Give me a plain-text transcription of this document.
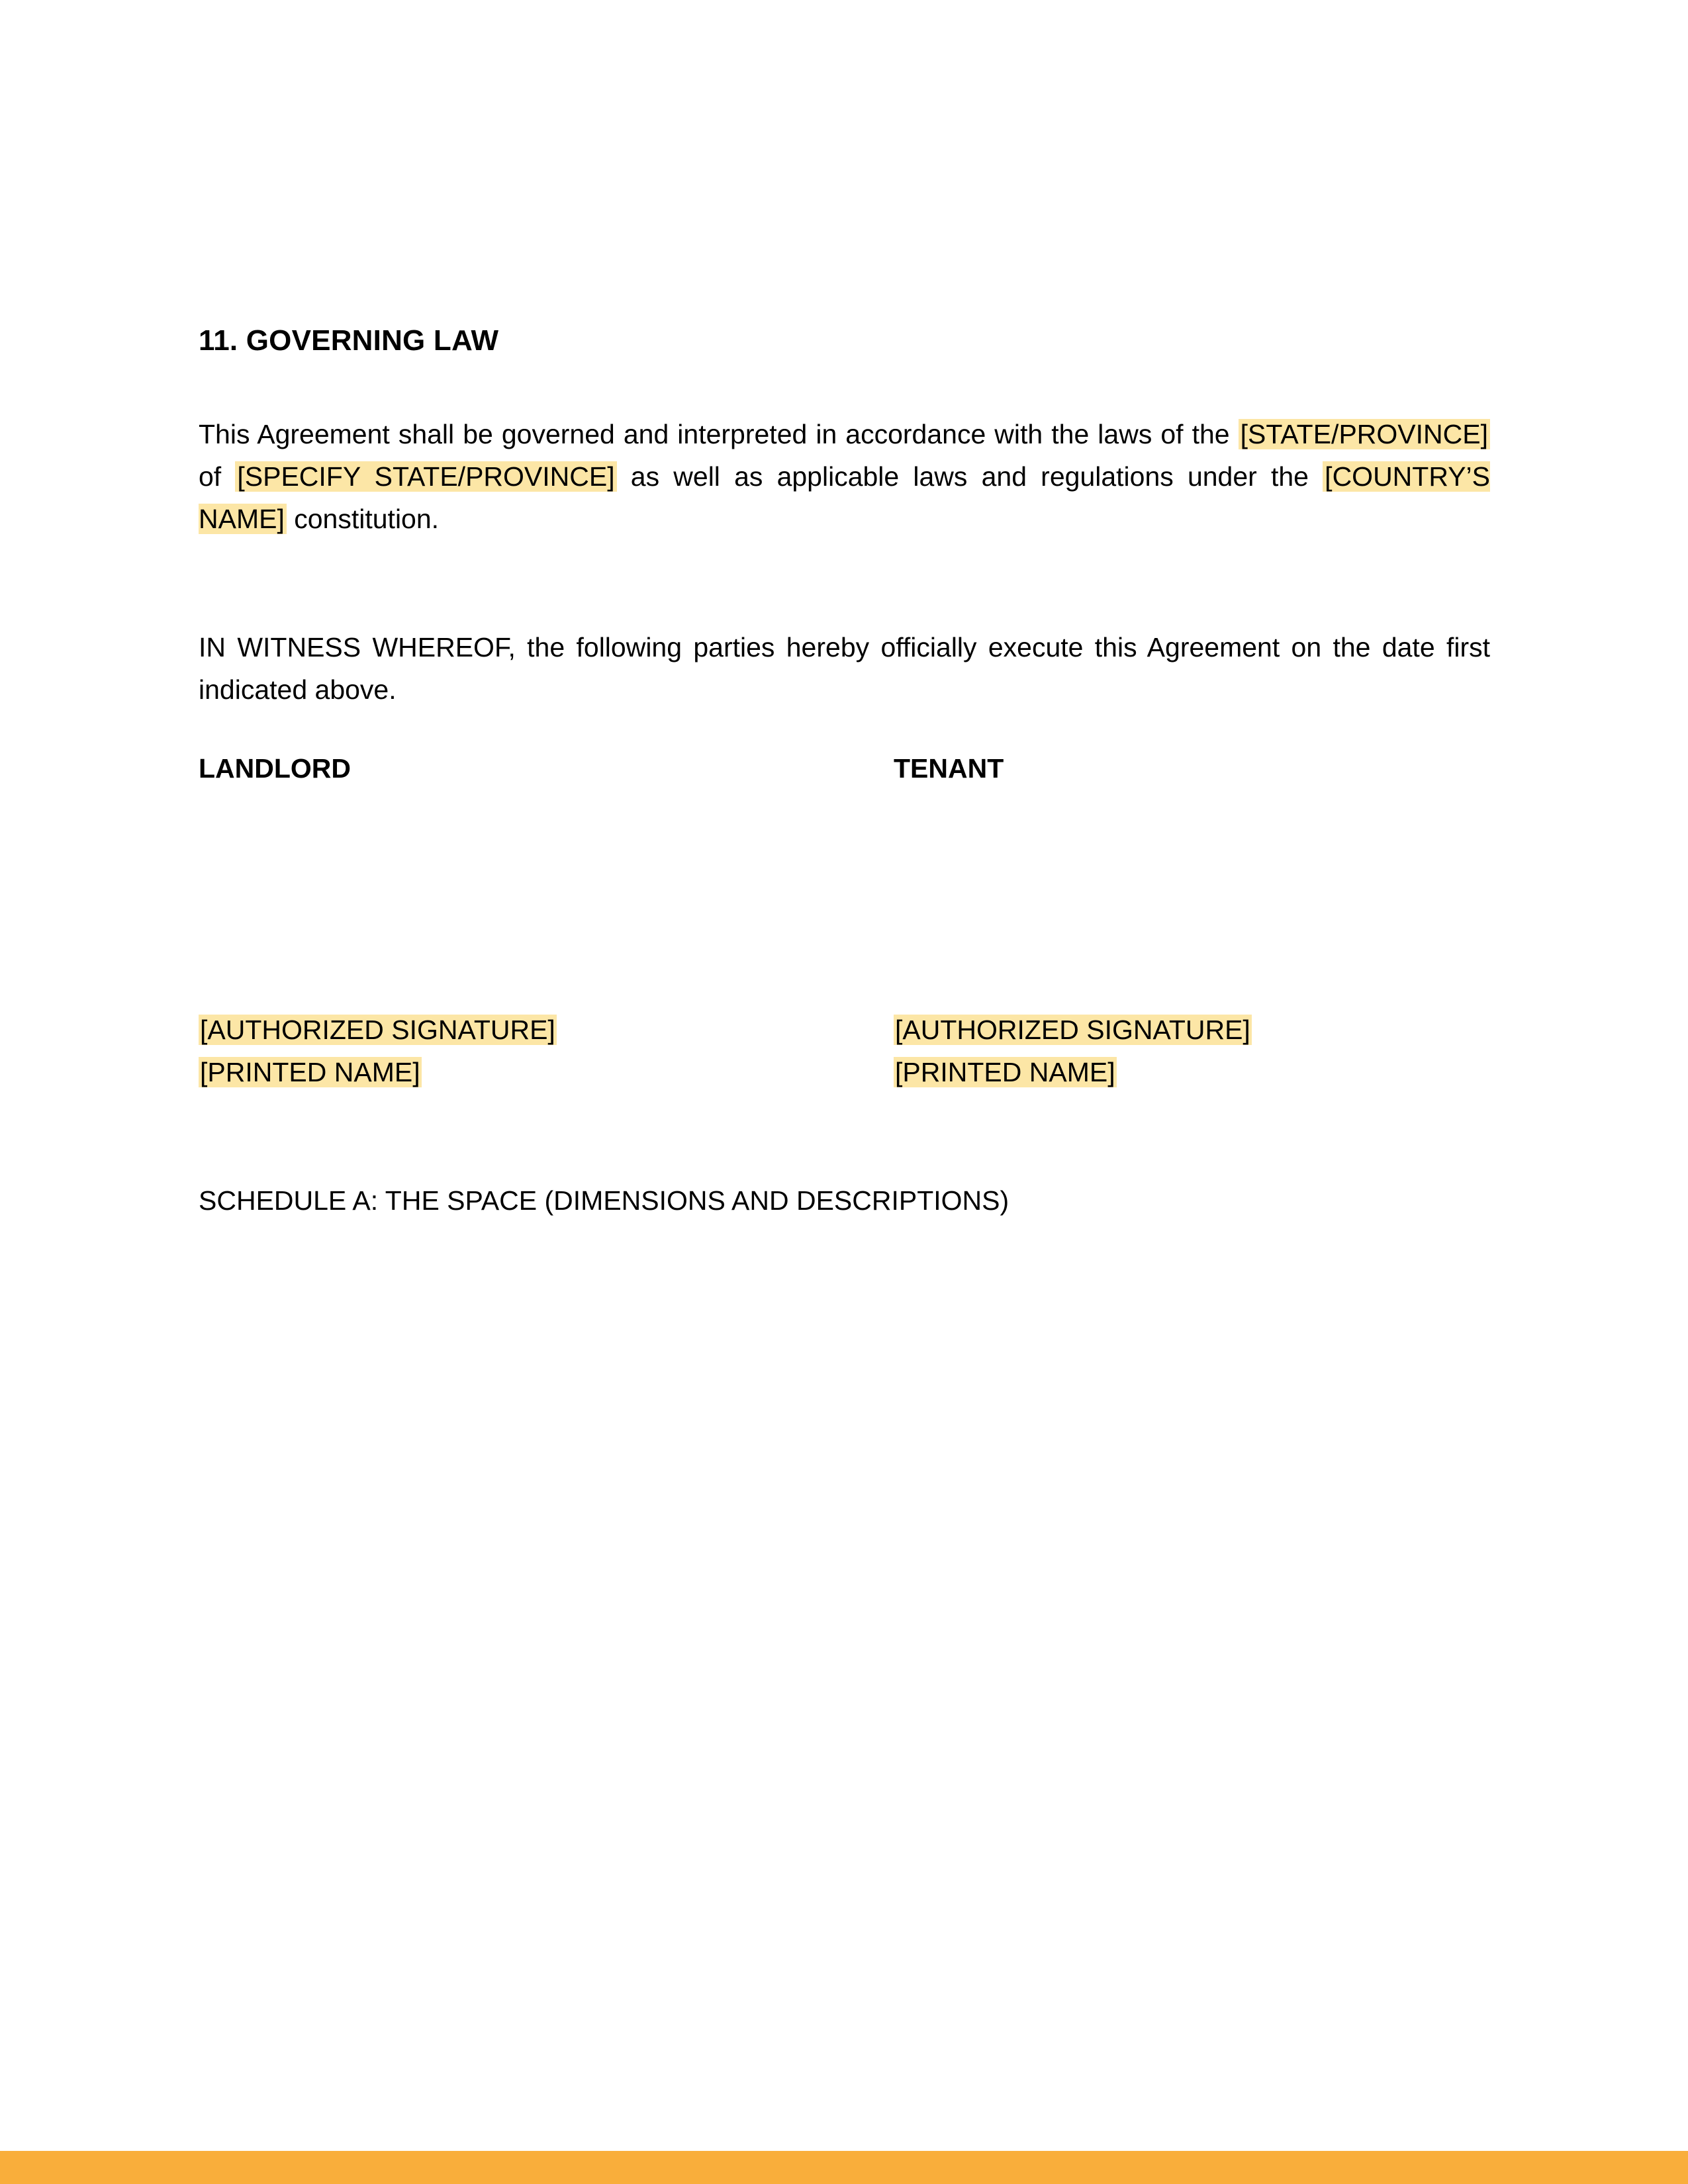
11. GOVERNING LAW

This Agreement shall be governed and interpreted in accordance with the laws of the [STATE/PROVINCE] of [SPECIFY STATE/PROVINCE] as well as applicable laws and regulations under the [COUNTRY’S NAME] constitution.

IN WITNESS WHEREOF, the following parties hereby officially execute this Agreement on the date first indicated above.

LANDLORD	TENANT
[AUTHORIZED SIGNATURE]
[PRINTED NAME]
[AUTHORIZED SIGNATURE]
[PRINTED NAME]
SCHEDULE A: THE SPACE (DIMENSIONS AND DESCRIPTIONS)
